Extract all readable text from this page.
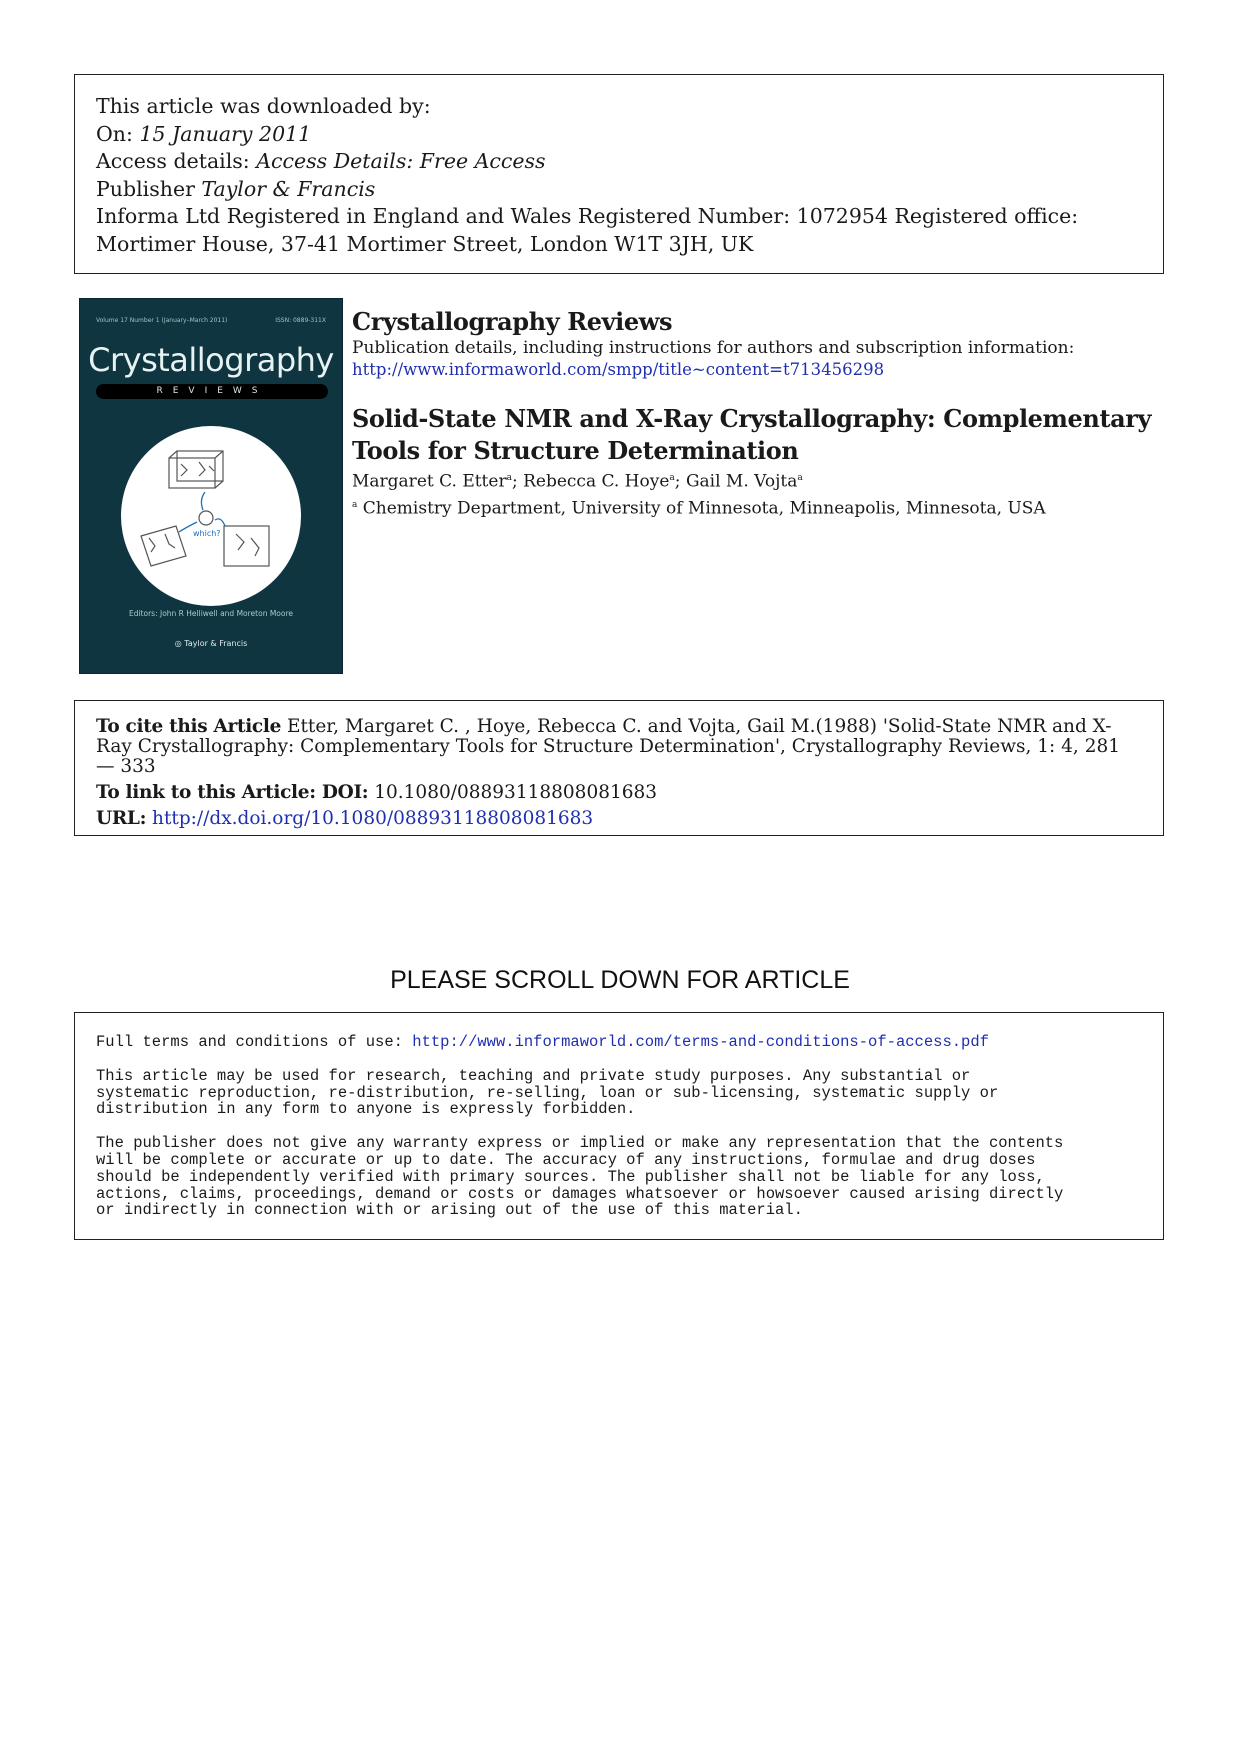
This article was downloaded by:
On: 15 January 2011
Access details: Access Details: Free Access
Publisher Taylor & Francis
Informa Ltd Registered in England and Wales Registered Number: 1072954 Registered office: Mortimer House, 37-41 Mortimer Street, London W1T 3JH, UK
Volume 17 Number 1 (January–March 2011)	ISSN: 0889-311X
Crystallography
REVIEWS
which?
Editors: John R Helliwell and Moreton Moore
◎ Taylor & Francis
Crystallography Reviews
Publication details, including instructions for authors and subscription information:
http://www.informaworld.com/smpp/title~content=t713456298
Solid-State NMR and X-Ray Crystallography: Complementary Tools for Structure Determination
Margaret C. Etter$^a$; Rebecca C. Hoye$^a$; Gail M. Vojta$^a$
$^a$ Chemistry Department, University of Minnesota, Minneapolis, Minnesota, USA
To cite this Article Etter, Margaret C. , Hoye, Rebecca C. and Vojta, Gail M.(1988) 'Solid-State NMR and X-Ray Crystallography: Complementary Tools for Structure Determination', Crystallography Reviews, 1: 4, 281 — 333
To link to this Article: DOI: 10.1080/08893118808081683
URL: http://dx.doi.org/10.1080/08893118808081683
PLEASE SCROLL DOWN FOR ARTICLE

Full terms and conditions of use: http://www.informaworld.com/terms-and-conditions-of-access.pdf

This article may be used for research, teaching and private study purposes. Any substantial or
systematic reproduction, re-distribution, re-selling, loan or sub-licensing, systematic supply or
distribution in any form to anyone is expressly forbidden.

The publisher does not give any warranty express or implied or make any representation that the contents
will be complete or accurate or up to date. The accuracy of any instructions, formulae and drug doses
should be independently verified with primary sources. The publisher shall not be liable for any loss,
actions, claims, proceedings, demand or costs or damages whatsoever or howsoever caused arising directly
or indirectly in connection with or arising out of the use of this material.
